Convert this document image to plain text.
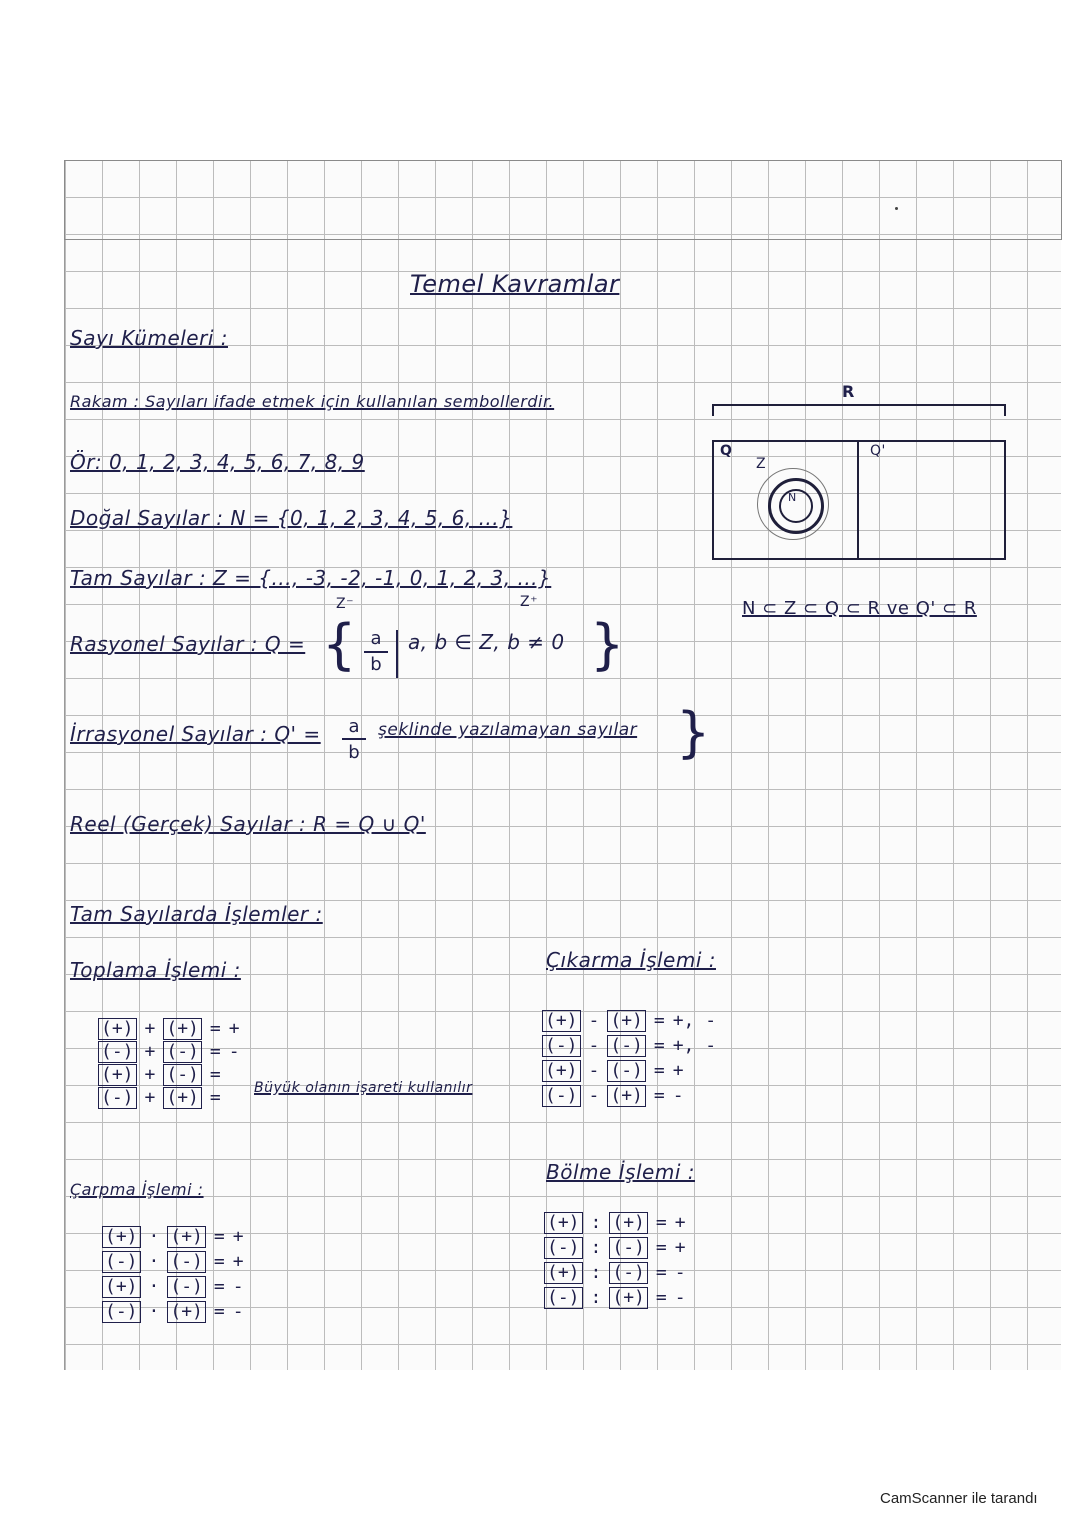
Temel Kavramlar
Sayı Kümeleri :
Rakam : Sayıları ifade etmek için kullanılan sembollerdir.
Ör: 0, 1, 2, 3, 4, 5, 6, 7, 8, 9
Doğal Sayılar : N = {0, 1, 2, 3, 4, 5, 6, ...}
Tam Sayılar : Z = {..., -3, -2, -1, 0, 1, 2, 3, ...}
Z⁻	Z⁺
Rasyonel Sayılar : Q = { a
b
a, b ∈ Z, b ≠ 0 }
İrrasyonel Sayılar : Q' =	a
b
şeklinde yazılamayan sayılar }
Reel (Gerçek) Sayılar : R = Q ∪ Q'
R
Q	Q'
Z
N
N ⊂ Z ⊂ Q ⊂ R ve Q' ⊂ R
Tam Sayılarda İşlemler :
Toplama İşlemi :	Çıkarma İşlemi :
(+) + (+) = +
(-) + (-) = -
(+) + (-) =
(-) + (+) =	Büyük olanın işareti kullanılır
(+) - (+) = +, -
(-) - (-) = +, -
(+) - (-) = +
(-) - (+) = -
Çarpma İşlemi :
Bölme İşlemi :
(+) · (+) = +
(-) · (-) = +
(+) · (-) = -
(-) · (+) = -
(+) : (+) = +
(-) : (-) = +
(+) : (-) = -
(-) : (+) = -
CamScanner ile tarandı
